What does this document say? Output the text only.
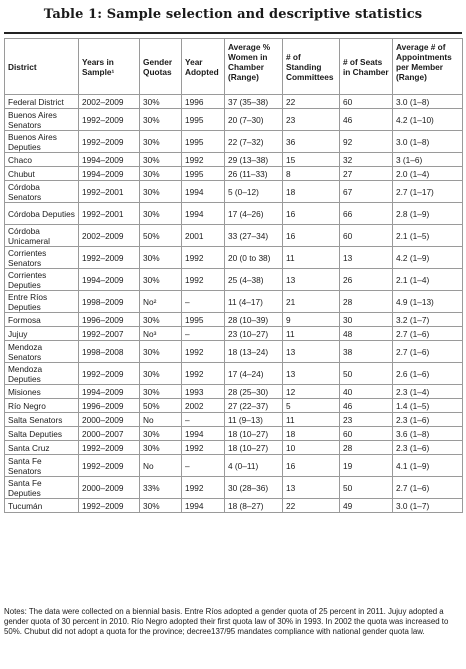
Table 1: Sample selection and descriptive statistics
District	Years in Sample¹	Gender Quotas	Year Adopted	Average % Women in Chamber (Range)	# of Standing Committees	# of Seats in Chamber	Average # of Appointments per Member (Range)
Federal District	2002–2009	30%	1996	37 (35–38)	22	60	3.0 (1–8)
Buenos Aires Senators	1992–2009	30%	1995	20 (7–30)	23	46	4.2 (1–10)
Buenos Aires Deputies	1992–2009	30%	1995	22 (7–32)	36	92	3.0 (1–8)
Chaco	1994–2009	30%	1992	29 (13–38)	15	32	3 (1–6)
Chubut	1994–2009	30%	1995	26 (11–33)	8	27	2.0 (1–4)
Córdoba Senators	1992–2001	30%	1994	5 (0–12)	18	67	2.7 (1–17)
Córdoba Deputies	1992–2001	30%	1994	17 (4–26)	16	66	2.8 (1–9)
Córdoba Unicameral	2002–2009	50%	2001	33 (27–34)	16	60	2.1 (1–5)
Corrientes Senators	1992–2009	30%	1992	20 (0 to 38)	11	13	4.2 (1–9)
Corrientes Deputies	1994–2009	30%	1992	25 (4–38)	13	26	2.1 (1–4)
Entre Ríos Deputies	1998–2009	No²	–	11 (4–17)	21	28	4.9 (1–13)
Formosa	1996–2009	30%	1995	28 (10–39)	9	30	3.2 (1–7)
Jujuy	1992–2007	No³	–	23 (10–27)	11	48	2.7 (1–6)
Mendoza Senators	1998–2008	30%	1992	18 (13–24)	13	38	2.7 (1–6)
Mendoza Deputies	1992–2009	30%	1992	17 (4–24)	13	50	2.6 (1–6)
Misiones	1994–2009	30%	1993	28 (25–30)	12	40	2.3 (1–4)
Río Negro	1996–2009	50%	2002	27 (22–37)	5	46	1.4 (1–5)
Salta Senators	2000–2009	No	–	11 (9–13)	11	23	2.3 (1–6)
Salta Deputies	2000–2007	30%	1994	18 (10–27)	18	60	3.6 (1–8)
Santa Cruz	1992–2009	30%	1992	18 (10–27)	10	28	2.3 (1–6)
Santa Fe Senators	1992–2009	No	–	4 (0–11)	16	19	4.1 (1–9)
Santa Fe Deputies	2000–2009	33%	1992	30 (28–36)	13	50	2.7 (1–6)
Tucumán	1992–2009	30%	1994	18 (8–27)	22	49	3.0 (1–7)

Notes: The data were collected on a biennial basis. Entre Ríos adopted a gender quota of 25 percent in 2011. Jujuy adopted a gender quota of 30 percent in 2010. Río Negro adopted their first quota law of 30% in 1993. In 2002 the quota was increased to 50%. Chubut did not adopt a quota for the province; decree137/95 mandates compliance with national gender quota law.
